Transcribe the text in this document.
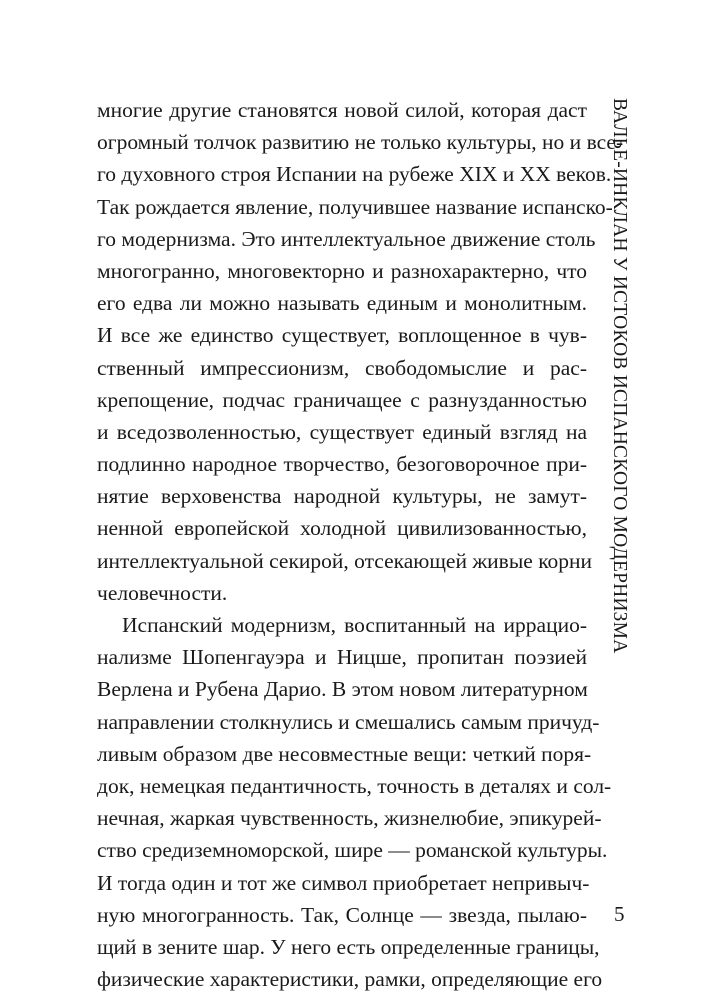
ВАЛЬЕ-ИНКЛАН У ИСТОКОВ ИСПАНСКОГО МОДЕРНИЗМА
многие другие становятся новой силой, которая даст
огромный толчок развитию не только культуры, но и все-
го духовного строя Испании на рубеже XIX и XX веков.
Так рождается явление, получившее название испанско-
го модернизма. Это интеллектуальное движение столь
многогранно, многовекторно и разнохарактерно, что
его едва ли можно называть единым и монолитным.
И все же единство существует, воплощенное в чув-
ственный импрессионизм, свободомыслие и рас-
крепощение, подчас граничащее с разнузданностью
и вседозволенностью, существует единый взгляд на
подлинно народное творчество, безоговорочное при-
нятие верховенства народной культуры, не замут-
ненной европейской холодной цивилизованностью,
интеллектуальной секирой, отсекающей живые корни
человечности.
Испанский модернизм, воспитанный на иррацио-
нализме Шопенгауэра и Ницше, пропитан поэзией
Верлена и Рубена Дарио. В этом новом литературном
направлении столкнулись и смешались самым причуд-
ливым образом две несовместные вещи: четкий поря-
док, немецкая педантичность, точность в деталях и сол-
нечная, жаркая чувственность, жизнелюбие, эпикурей-
ство средиземноморской, шире — романской культуры.
И тогда один и тот же символ приобретает непривыч-
ную многогранность. Так, Солнце — звезда, пылаю-
щий в зените шар. У него есть определенные границы,
физические характеристики, рамки, определяющие его
5
